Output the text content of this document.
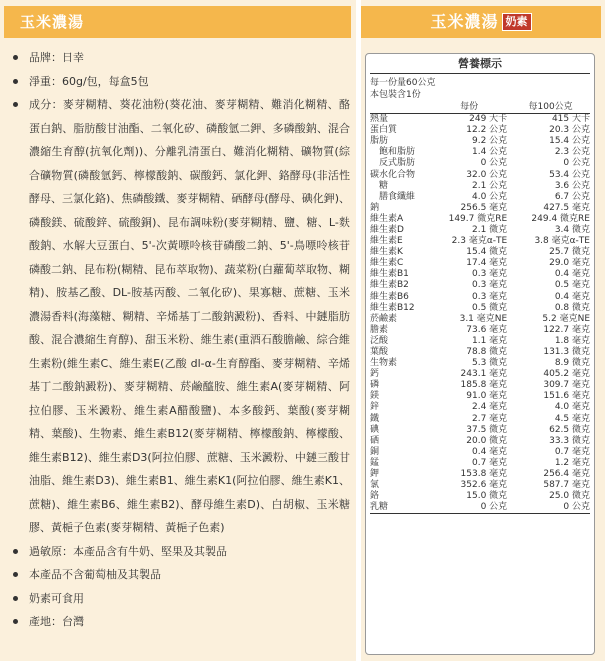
玉米濃湯
品牌：日幸
淨重：60g/包，每盒5包
成分：麥芽糊精、葵花油粉(葵花油、麥芽糊精、難消化糊精、酪蛋白鈉、脂肪酸甘油酯、二氧化矽、磷酸氫二鉀、多磷酸鈉、混合濃縮生育醇(抗氧化劑))、分離乳清蛋白、難消化糊精、礦物質(綜合礦物質(磷酸氫鈣、檸檬酸鈉、碳酸鈣、氯化鉀、鉻酵母(非活性酵母、三氯化鉻)、焦磷酸鐵、麥芽糊精、硒酵母(酵母、碘化鉀)、磷酸鎂、硫酸鋅、硫酸銅)、昆布調味粉(麥芽糊精、鹽、糖、L-麩酸鈉、水解大豆蛋白、5'-次黃嘌呤核苷磷酸二鈉、5'-鳥嘌呤核苷磷酸二鈉、昆布粉(糊精、昆布萃取物)、蔬菜粉(白蘿蔔萃取物、糊精)、胺基乙酸、DL-胺基丙酸、二氧化矽)、果寡糖、蔗糖、玉米濃湯香料(海藻糖、糊精、辛烯基丁二酸鈉澱粉)、香料、中鏈脂肪酸、混合濃縮生育醇)、甜玉米粉、維生素(重酒石酸膽鹼、綜合維生素粉(維生素C、維生素E(乙酸 dl-α-生育醇酯、麥芽糊精、辛烯基丁二酸鈉澱粉)、麥芽糊精、菸鹼醯胺、維生素A(麥芽糊精、阿拉伯膠、玉米澱粉、維生素A醋酸鹽)、本多酸鈣、葉酸(麥芽糊精、葉酸)、生物素、維生素B12(麥芽糊精、檸檬酸鈉、檸檬酸、維生素B12)、維生素D3(阿拉伯膠、蔗糖、玉米澱粉、中鏈三酸甘油脂、維生素D3)、維生素B1、維生素K1(阿拉伯膠、維生素K1、蔗糖)、維生素B6、維生素B2)、酵母維生素D)、白胡椒、玉米糖膠、黃梔子色素(麥芽糊精、黃梔子色素)
過敏原：本產品含有牛奶、堅果及其製品
本產品不含葡萄柚及其製品
奶素可食用
產地：台灣
玉米濃湯 奶素
營養標示
每一份量60公克
本包裝含1份
	每份	每100公克
熱量	249 大卡	415 大卡
蛋白質	12.2 公克	20.3 公克
脂肪	9.2 公克	15.4 公克
飽和脂肪	1.4 公克	2.3 公克
反式脂肪	0 公克	0 公克
碳水化合物	32.0 公克	53.4 公克
糖	2.1 公克	3.6 公克
膳食纖維	4.0 公克	6.7 公克
鈉	256.5 毫克	427.5 毫克
維生素A	149.7 微克RE	249.4 微克RE
維生素D	2.1 微克	3.4 微克
維生素E	2.3 毫克α-TE	3.8 毫克α-TE
維生素K	15.4 微克	25.7 微克
維生素C	17.4 毫克	29.0 毫克
維生素B1	0.3 毫克	0.4 毫克
維生素B2	0.3 毫克	0.5 毫克
維生素B6	0.3 毫克	0.4 毫克
維生素B12	0.5 微克	0.8 微克
菸鹼素	3.1 毫克NE	5.2 毫克NE
膽素	73.6 毫克	122.7 毫克
泛酸	1.1 毫克	1.8 毫克
葉酸	78.8 微克	131.3 微克
生物素	5.3 微克	8.9 微克
鈣	243.1 毫克	405.2 毫克
磷	185.8 毫克	309.7 毫克
鎂	91.0 毫克	151.6 毫克
鋅	2.4 毫克	4.0 毫克
鐵	2.7 毫克	4.5 毫克
碘	37.5 微克	62.5 微克
硒	20.0 微克	33.3 微克
銅	0.4 毫克	0.7 毫克
錳	0.7 毫克	1.2 毫克
鉀	153.8 毫克	256.4 毫克
氯	352.6 毫克	587.7 毫克
鉻	15.0 微克	25.0 微克
乳糖	0 公克	0 公克
